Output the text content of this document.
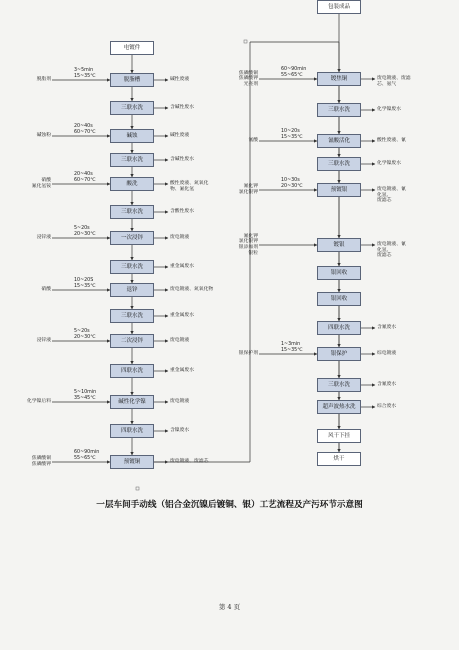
电镀件
脱脂槽	碱性废液
3~5min
15~35℃
脱脂剂
三联水洗	含碱性废水
碱蚀	碱性废液
20~40s
60~70℃
碱蚀粉
三联水洗	含碱性废水
酸洗	酸性废液、氮氧化
物、氟化氢
20~40s
60~70℃
硝酸
氟化氢铵
三联水洗	含酸性废水
一次浸锌	废电镀液
5~20s
20~30℃
浸锌液
三联水洗	重金属废水
退锌	废电镀液、氮氧化物
10~20S
15~35℃
硝酸
三联水洗	重金属废水
二次浸锌	废电镀液
5~20s
20~30℃
浸锌液
四联水洗	重金属废水
碱性化学镍	废电镀液
5~10min
35~45℃
化学镍后料
四联水洗	含镍废水
预镀铜	废电镀液、废滤芯
60~90min
55~65℃
焦磷酸铜
焦磷酸钾
镀焦铜	废电镀液、废滤
芯、氨气
60~90min
55~65℃
焦磷酸铜
焦磷酸钾
光亮剂
三联水洗	化学镍废水
氰酸活化	酸性废液、氰
10~20s
15~35℃
氰酸
三联水洗	化学镍废水
预镀银	废电镀液、氰
化氢、
废滤芯
10~30s
20~30℃
氰化钾
氯化银钾
镀银	废电镀液、氰
化氢、
废滤芯
氰化钾
氯化银钾
银添加剂
银粒
银回收
银回收
四联水洗	含氰废水
银保护	综电镀液
1~3min
15~35℃
银保护剂
三联水洗	含氰废水
超声波热水洗	综合废水
风干下挂
烘干
包装成品
一层车间手动线（铝合金沉镍后镀铜、银）工艺流程及产污环节示意图
第 4 页
